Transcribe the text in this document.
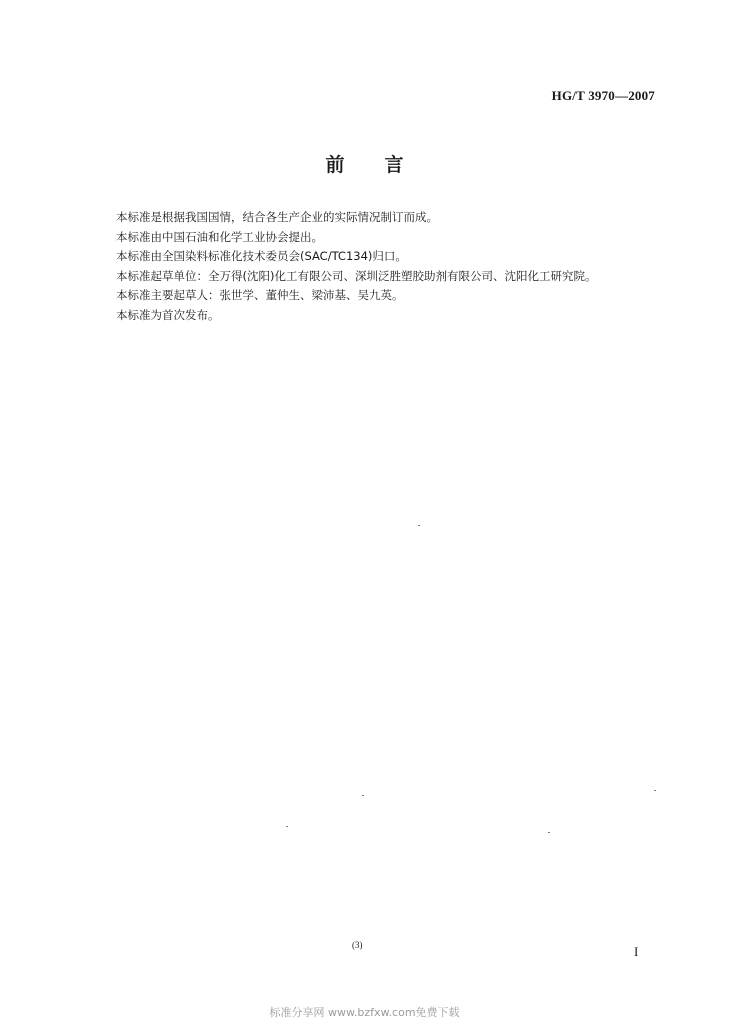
HG/T 3970—2007
前 言

本标准是根据我国国情，结合各生产企业的实际情况制订而成。

本标准由中国石油和化学工业协会提出。

本标准由全国染料标准化技术委员会(SAC/TC134)归口。

本标准起草单位：全万得(沈阳)化工有限公司、深圳泛胜塑胶助剂有限公司、沈阳化工研究院。

本标准主要起草人：张世学、董仲生、梁沛基、吴九英。

本标准为首次发布。

(3)	I
标准分享网 www.bzfxw.com免费下载
